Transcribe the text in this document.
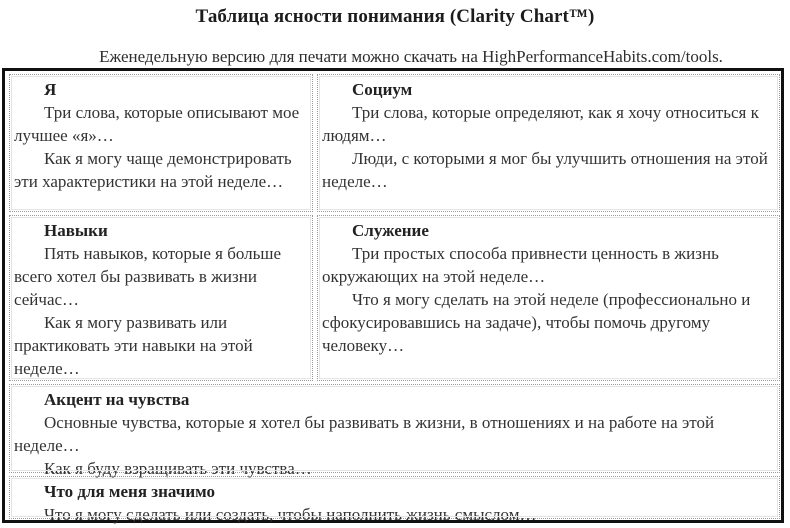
Таблица ясности понимания (Clarity Chart™)
Еженедельную версию для печати можно скачать на HighPerformanceHabits.com/tools.
Я

Три слова, которые описывают мое лучшее «я»…

Как я могу чаще демонстрировать эти характеристики на этой неделе…

Социум

Три слова, которые определяют, как я хочу относиться к людям…

Люди, с которыми я мог бы улучшить отношения на этой неделе…

Навыки

Пять навыков, которые я больше всего хотел бы развивать в жизни сейчас…

Как я могу развивать или практиковать эти навыки на этой неделе…

Служение

Три простых способа привнести ценность в жизнь окружающих на этой неделе…

Что я могу сделать на этой неделе (профессионально и сфокусировавшись на задаче), чтобы помочь другому человеку…

Акцент на чувства

Основные чувства, которые я хотел бы развивать в жизни, в отношениях и на работе на этой неделе…

Как я буду взращивать эти чувства…

Что для меня значимо

Что я могу сделать или создать, чтобы наполнить жизнь смыслом…
